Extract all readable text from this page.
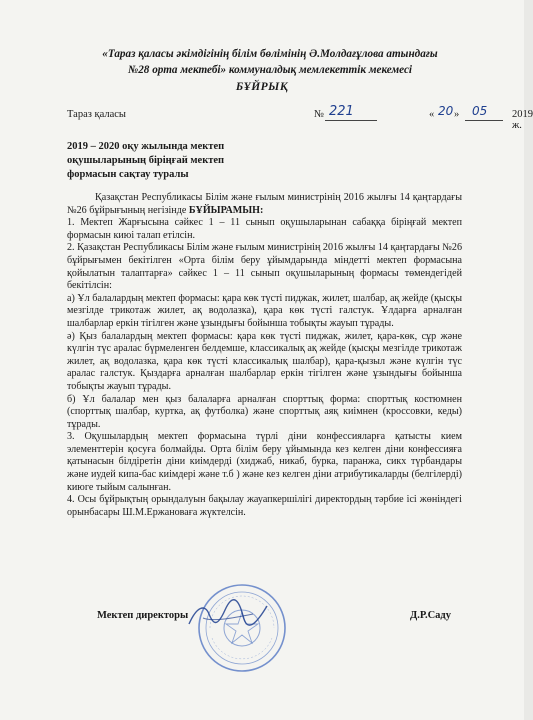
«Тараз қаласы әкімдігінің білім бөлімінің Ә.Молдағұлова атындағы
№28 орта мектебі» коммуналдық мемлекеттік мекемесі
БҰЙРЫҚ
Тараз қаласы	№ 221	« 20 » 05 2019 ж.
2019 – 2020 оқу жылында мектеп
оқушыларының біріңғай мектеп
формасын сақтау туралы

Қазақстан Республикасы Білім және ғылым министрінің 2016 жылғы 14 қаңтардағы №26 бұйрығының негізінде БҰЙЫРАМЫН:

1. Мектеп Жарғысына сәйкес 1 – 11 сынып оқушыларынан сабаққа біріңғай мектеп формасын киюі талап етілсін.

2. Қазақстан Республикасы Білім және ғылым министрінің 2016 жылғы 14 қаңтардағы №26 бұйрығымен бекітілген «Орта білім беру ұйымдарында міндетті мектеп формасына қойылатын талаптарға» сәйкес 1 – 11 сынып оқушыларының формасы төмендегідей бекітілсін:

а) Ұл балалардың мектеп формасы: қара көк түсті пиджак, жилет, шалбар, ақ жейде (қысқы мезгілде трикотаж жилет, ақ водолазка), қара көк түсті галстук. Ұлдарға арналған шалбарлар еркін тігілген және ұзындығы бойынша тобықты жауып тұрады.

ә) Қыз балалардың мектеп формасы: қара көк түсті пиджак, жилет, қара-көк, сұр және күлгін түс аралас бүрмеленген белдемше, классикалық ақ жейде (қысқы мезгілде трикотаж жилет, ақ водолазка, қара көк түсті классикалық шалбар), қара-қызыл және күлгін түс аралас галстук. Қыздарға арналған шалбарлар еркін тігілген және ұзындығы бойынша тобықты жауып тұрады.

б) Ұл балалар мен қыз балаларға арналған спорттық форма: спорттық костюмнен (спорттық шалбар, куртка, ақ футболка) және спорттық аяқ киімнен (кроссовки, кеды) тұрады.

3. Оқушылардың мектеп формасына түрлі діни конфессияларға қатысты кием элементтерін қосуға болмайды. Орта білім беру ұйымында кез келген діни конфессияға қатынасын білдіретін діни киімдерді (хиджаб, никаб, бурка, паранжа, сикх түрбандары және иудей кипа-бас киімдері және т.б ) және кез келген діни атрибутикаларды (белгілерді) киюге тыйым салынған.

4. Осы бұйрықтың орындалуын бақылау жауапкершілігі директордың тәрбие ісі жөніндегі орынбасары Ш.М.Ержановаға жүктелсін.

Мектеп директоры	Д.Р.Саду
